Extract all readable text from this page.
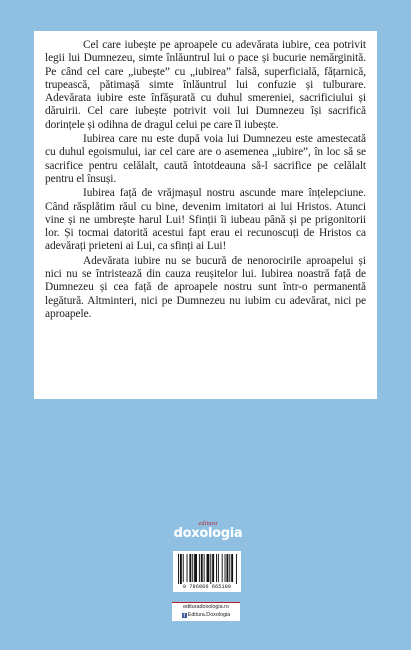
Cel care iubește pe aproapele cu adevărata iubire, cea potrivit legii lui Dumnezeu, simte înlăuntrul lui o pace și bucurie nemărginită. Pe când cel care „iubește” cu „iubirea” falsă, superficială, fățarnică, trupească, pătimașă simte înlăuntrul lui confuzie și tulburare. Adevărata iubire este înfășurată cu duhul smereniei, sacrificiului și dăruirii. Cel care iubește potrivit voii lui Dumnezeu își sacrifică dorințele și odihna de dragul celui pe care îl iubește.

Iubirea care nu este după voia lui Dumnezeu este amestecată cu duhul egoismului, iar cel care are o asemenea „iubire”, în loc să se sacrifice pentru celălalt, caută întotdeauna să-l sacrifice pe celălalt pentru el însuși.

Iubirea față de vrăjmașul nostru ascunde mare înțelepciune. Când răsplătim răul cu bine, devenim imitatori ai lui Hristos. Atunci vine și ne umbrește harul Lui! Sfinții îi iubeau până și pe prigonitorii lor. Și tocmai datorită acestui fapt erau ei recunoscuți de Hristos ca adevărați prieteni ai Lui, ca sfinți ai Lui!

Adevărata iubire nu se bucură de nenorocirile aproapelui și nici nu se întristează din cauza reușitelor lui. Iubirea noastră față de Dumnezeu și cea față de aproapele nostru sunt într-o permanentă legătură. Altminteri, nici pe Dumnezeu nu iubim cu adevărat, nici pe aproapele.

editura
doxologia
9 786066 665100
edituradoxologia.ro
f Editura.Doxologia
